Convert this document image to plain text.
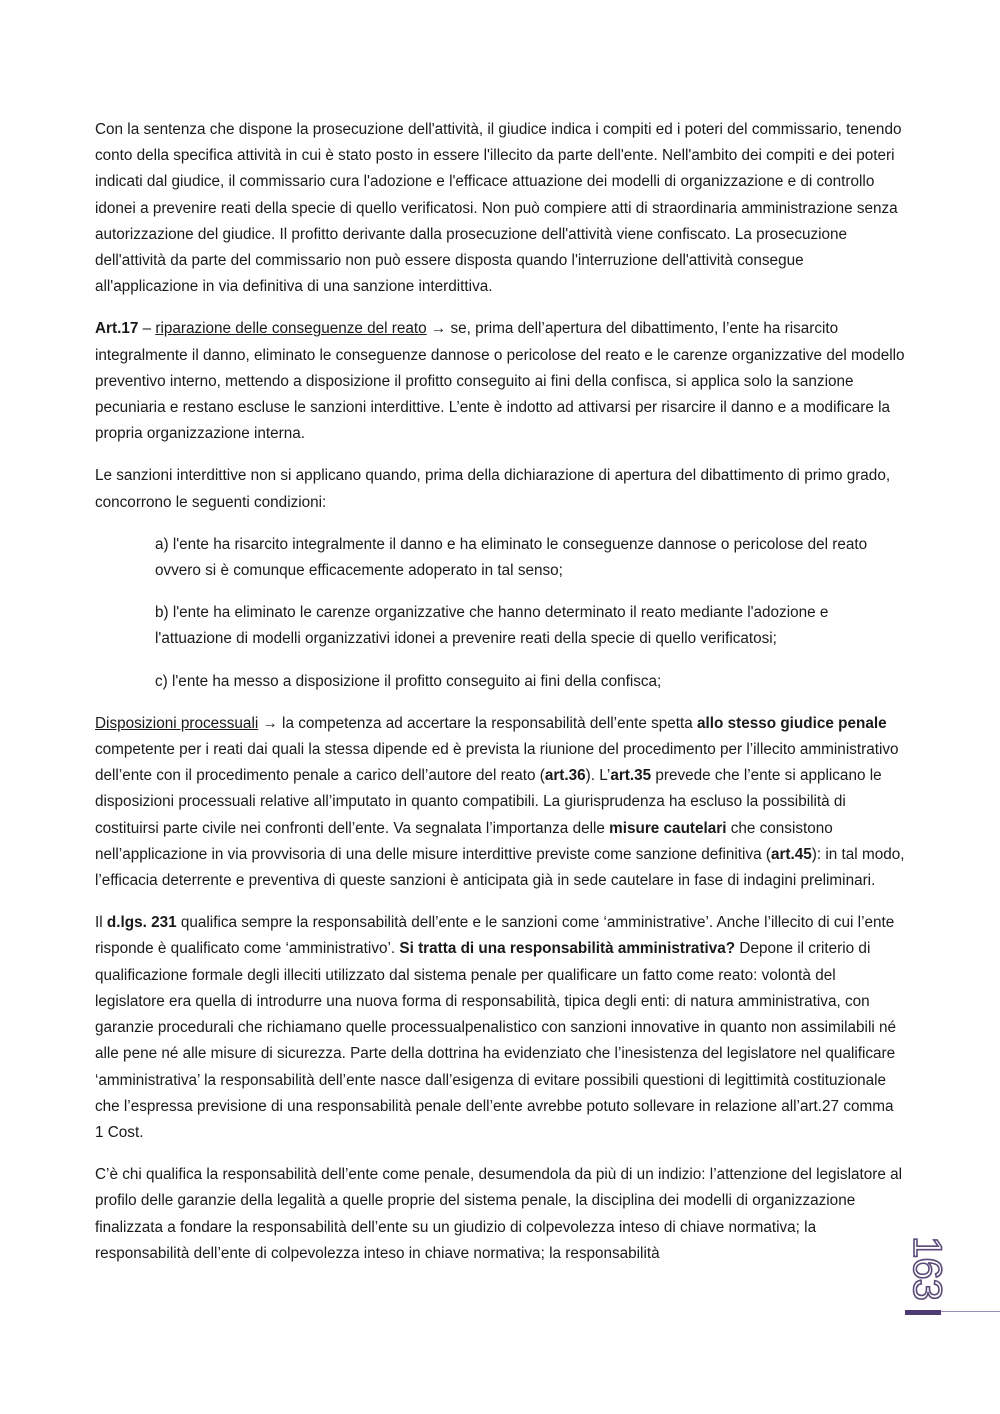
Con la sentenza che dispone la prosecuzione dell'attività, il giudice indica i compiti ed i poteri del commissario, tenendo conto della specifica attività in cui è stato posto in essere l'illecito da parte dell'ente. Nell'ambito dei compiti e dei poteri indicati dal giudice, il commissario cura l'adozione e l'efficace attuazione dei modelli di organizzazione e di controllo idonei a prevenire reati della specie di quello verificatosi. Non può compiere atti di straordinaria amministrazione senza autorizzazione del giudice. Il profitto derivante dalla prosecuzione dell'attività viene confiscato. La prosecuzione dell'attività da parte del commissario non può essere disposta quando l'interruzione dell'attività consegue all'applicazione in via definitiva di una sanzione interdittiva.

Art.17 – riparazione delle conseguenze del reato → se, prima dell’apertura del dibattimento, l’ente ha risarcito integralmente il danno, eliminato le conseguenze dannose o pericolose del reato e le carenze organizzative del modello preventivo interno, mettendo a disposizione il profitto conseguito ai fini della confisca, si applica solo la sanzione pecuniaria e restano escluse le sanzioni interdittive. L’ente è indotto ad attivarsi per risarcire il danno e a modificare la propria organizzazione interna.

Le sanzioni interdittive non si applicano quando, prima della dichiarazione di apertura del dibattimento di primo grado, concorrono le seguenti condizioni:

a) l'ente ha risarcito integralmente il danno e ha eliminato le conseguenze dannose o pericolose del reato ovvero si è comunque efficacemente adoperato in tal senso;

b) l'ente ha eliminato le carenze organizzative che hanno determinato il reato mediante l'adozione e l'attuazione di modelli organizzativi idonei a prevenire reati della specie di quello verificatosi;

c) l'ente ha messo a disposizione il profitto conseguito ai fini della confisca;

Disposizioni processuali → la competenza ad accertare la responsabilità dell’ente spetta allo stesso giudice penale competente per i reati dai quali la stessa dipende ed è prevista la riunione del procedimento per l’illecito amministrativo dell’ente con il procedimento penale a carico dell’autore del reato (art.36). L’art.35 prevede che l’ente si applicano le disposizioni processuali relative all’imputato in quanto compatibili. La giurisprudenza ha escluso la possibilità di costituirsi parte civile nei confronti dell’ente. Va segnalata l’importanza delle misure cautelari che consistono nell’applicazione in via provvisoria di una delle misure interdittive previste come sanzione definitiva (art.45): in tal modo, l’efficacia deterrente e preventiva di queste sanzioni è anticipata già in sede cautelare in fase di indagini preliminari.

Il d.lgs. 231 qualifica sempre la responsabilità dell’ente e le sanzioni come ‘amministrative’. Anche l’illecito di cui l’ente risponde è qualificato come ‘amministrativo’. Si tratta di una responsabilità amministrativa? Depone il criterio di qualificazione formale degli illeciti utilizzato dal sistema penale per qualificare un fatto come reato: volontà del legislatore era quella di introdurre una nuova forma di responsabilità, tipica degli enti: di natura amministrativa, con garanzie procedurali che richiamano quelle processualpenalistico con sanzioni innovative in quanto non assimilabili né alle pene né alle misure di sicurezza. Parte della dottrina ha evidenziato che l’inesistenza del legislatore nel qualificare ‘amministrativa’ la responsabilità dell’ente nasce dall’esigenza di evitare possibili questioni di legittimità costituzionale che l’espressa previsione di una responsabilità penale dell’ente avrebbe potuto sollevare in relazione all’art.27 comma 1 Cost.

C’è chi qualifica la responsabilità dell’ente come penale, desumendola da più di un indizio: l’attenzione del legislatore al profilo delle garanzie della legalità a quelle proprie del sistema penale, la disciplina dei modelli di organizzazione finalizzata a fondare la responsabilità dell’ente su un giudizio di colpevolezza inteso di chiave normativa; la responsabilità dell’ente di colpevolezza inteso in chiave normativa; la responsabilità	163
